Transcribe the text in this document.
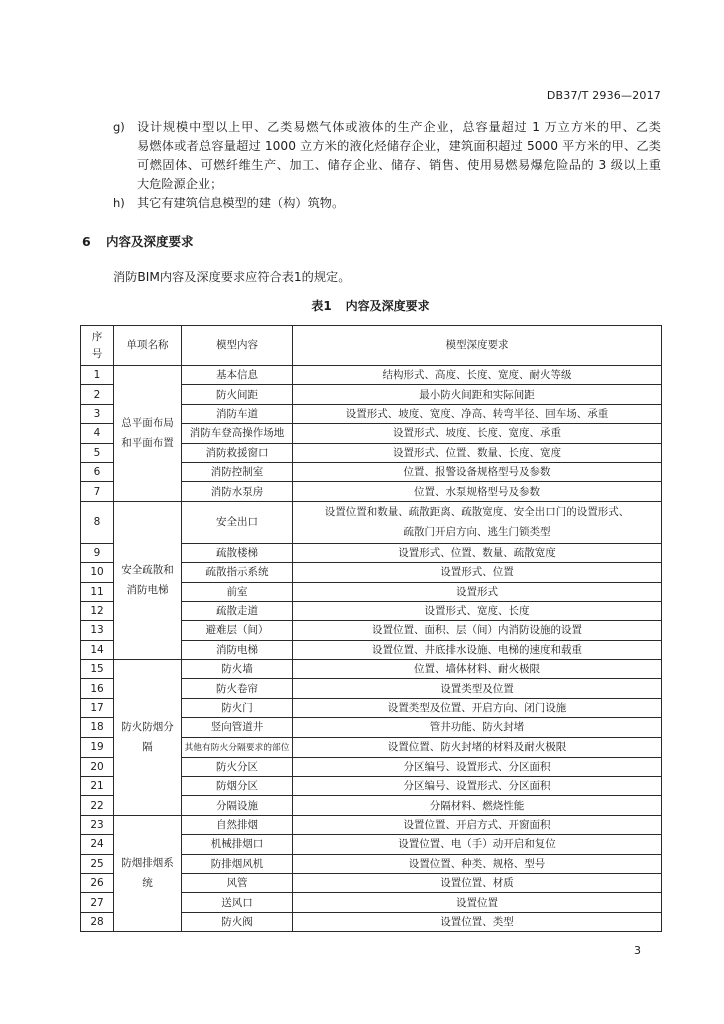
DB37/T 2936—2017
g) 设计规模中型以上甲、乙类易燃气体或液体的生产企业，总容量超过 1 万立方米的甲、乙类
易燃体或者总容量超过 1000 立方米的液化烃储存企业，建筑面积超过 5000 平方米的甲、乙类
可燃固体、可燃纤维生产、加工、储存企业、储存、销售、使用易燃易爆危险品的 3 级以上重
大危险源企业；
h) 其它有建筑信息模型的建（构）筑物。
6 内容及深度要求
消防BIM内容及深度要求应符合表1的规定。
表1 内容及深度要求
序号	单项名称	模型内容	模型深度要求
1	总平面布局和平面布置	基本信息	结构形式、高度、长度、宽度、耐火等级

2		防火间距	最小防火间距和实际间距

3		消防车道	设置形式、坡度、宽度、净高、转弯半径、回车场、承重

4		消防车登高操作场地	设置形式、坡度、长度、宽度、承重

5		消防救援窗口	设置形式、位置、数量、长度、宽度

6		消防控制室	位置、报警设备规格型号及参数

7		消防水泵房	位置、水泵规格型号及参数

8	安全疏散和消防电梯	安全出口	设置位置和数量、疏散距离、疏散宽度、安全出口门的设置形式、疏散门开启方向、逃生门锁类型

9		疏散楼梯	设置形式、位置、数量、疏散宽度

10		疏散指示系统	设置形式、位置

11		前室	设置形式

12		疏散走道	设置形式、宽度、长度

13		避难层（间）	设置位置、面积、层（间）内消防设施的设置

14		消防电梯	设置位置、井底排水设施、电梯的速度和载重

15	防火防烟分隔	防火墙	位置、墙体材料、耐火极限

16		防火卷帘	设置类型及位置

17		防火门	设置类型及位置、开启方向、闭门设施

18		竖向管道井	管井功能、防火封堵

19		其他有防火分隔要求的部位	设置位置、防火封堵的材料及耐火极限

20		防火分区	分区编号、设置形式、分区面积

21		防烟分区	分区编号、设置形式、分区面积

22		分隔设施	分隔材料、燃烧性能

23	防烟排烟系统	自然排烟	设置位置、开启方式、开窗面积

24		机械排烟口	设置位置、电（手）动开启和复位

25		防排烟风机	设置位置、种类、规格、型号

26		风管	设置位置、材质

27		送风口	设置位置

28		防火阀	设置位置、类型
3
